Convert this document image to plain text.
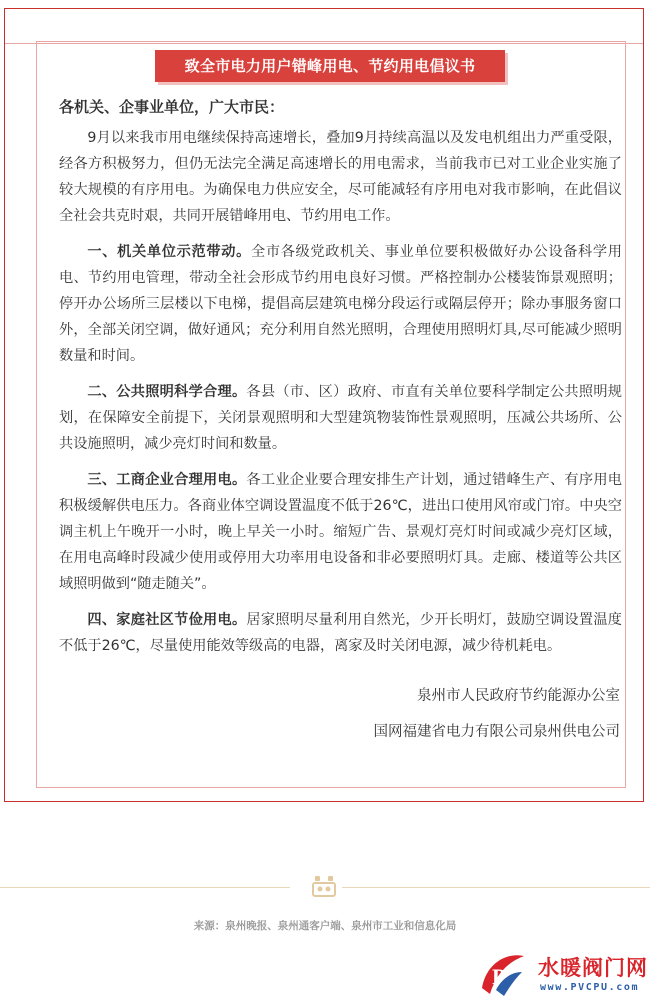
致全市电力用户错峰用电、节约用电倡议书

各机关、企事业单位，广大市民：

9月以来我市用电继续保持高速增长，叠加9月持续高温以及发电机组出力严重受限，经各方积极努力，但仍无法完全满足高速增长的用电需求，当前我市已对工业企业实施了较大规模的有序用电。为确保电力供应安全，尽可能减轻有序用电对我市影响，在此倡议全社会共克时艰，共同开展错峰用电、节约用电工作。

一、机关单位示范带动。全市各级党政机关、事业单位要积极做好办公设备科学用电、节约用电管理，带动全社会形成节约用电良好习惯。严格控制办公楼装饰景观照明；停开办公场所三层楼以下电梯，提倡高层建筑电梯分段运行或隔层停开；除办事服务窗口外，全部关闭空调，做好通风；充分利用自然光照明，合理使用照明灯具,尽可能减少照明数量和时间。

二、公共照明科学合理。各县（市、区）政府、市直有关单位要科学制定公共照明规划，在保障安全前提下，关闭景观照明和大型建筑物装饰性景观照明，压减公共场所、公共设施照明，减少亮灯时间和数量。

三、工商企业合理用电。各工业企业要合理安排生产计划，通过错峰生产、有序用电积极缓解供电压力。各商业体空调设置温度不低于26℃，进出口使用风帘或门帘。中央空调主机上午晚开一小时，晚上早关一小时。缩短广告、景观灯亮灯时间或减少亮灯区域，在用电高峰时段减少使用或停用大功率用电设备和非必要照明灯具。走廊、楼道等公共区域照明做到“随走随关”。

四、家庭社区节俭用电。居家照明尽量利用自然光，少开长明灯，鼓励空调设置温度不低于26℃，尽量使用能效等级高的电器，离家及时关闭电源，减少待机耗电。

泉州市人民政府节约能源办公室
国网福建省电力有限公司泉州供电公司
来源：泉州晚报、泉州通客户端、泉州市工业和信息化局
P 水暖阀门网
www.PVCPU.com
